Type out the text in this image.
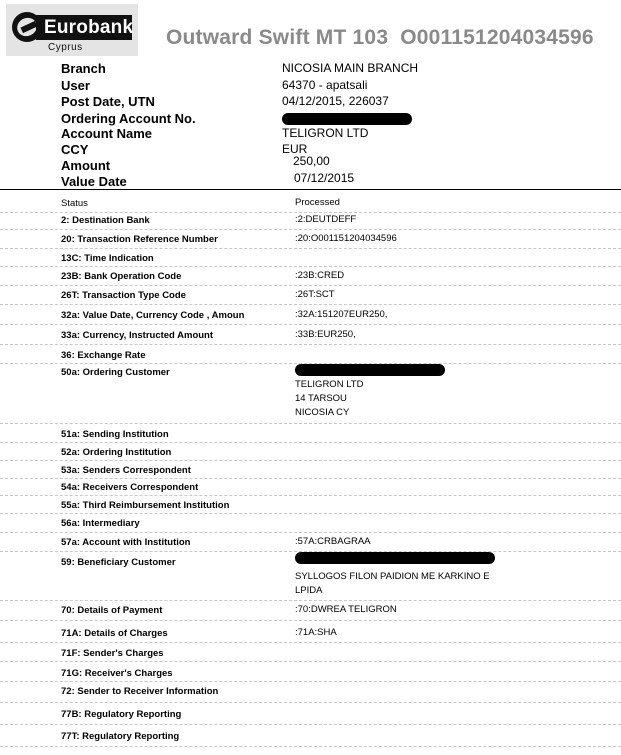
Eurobank
Cyprus	Outward Swift MT 103 O001151204034596
Branch	NICOSIA MAIN BRANCH
User	64370 - apatsali
Post Date, UTN	04/12/2015, 226037
Ordering Account No.
Account Name	TELIGRON LTD
CCY	EUR
Amount	250,00
Value Date	07/12/2015
Status	Processed
2: Destination Bank	:2:DEUTDEFF
20: Transaction Reference Number	:20:O001151204034596
13C: Time Indication
23B: Bank Operation Code	:23B:CRED
26T: Transaction Type Code	:26T:SCT
32a: Value Date, Currency Code , Amoun	:32A:151207EUR250,
33a: Currency, Instructed Amount	:33B:EUR250,
36: Exchange Rate
50a: Ordering Customer
TELIGRON LTD
14 TARSOU
NICOSIA CY
51a: Sending Institution
52a: Ordering Institution
53a: Senders Correspondent
54a: Receivers Correspondent
55a: Third Reimbursement Institution
56a: Intermediary
57a: Account with Institution	:57A:CRBAGRAA
59: Beneficiary Customer
SYLLOGOS FILON PAIDION ME KARKINO E
LPIDA
70: Details of Payment	:70:DWREA TELIGRON
71A: Details of Charges	:71A:SHA
71F: Sender's Charges
71G: Receiver's Charges
72: Sender to Receiver Information
77B: Regulatory Reporting
77T: Regulatory Reporting
